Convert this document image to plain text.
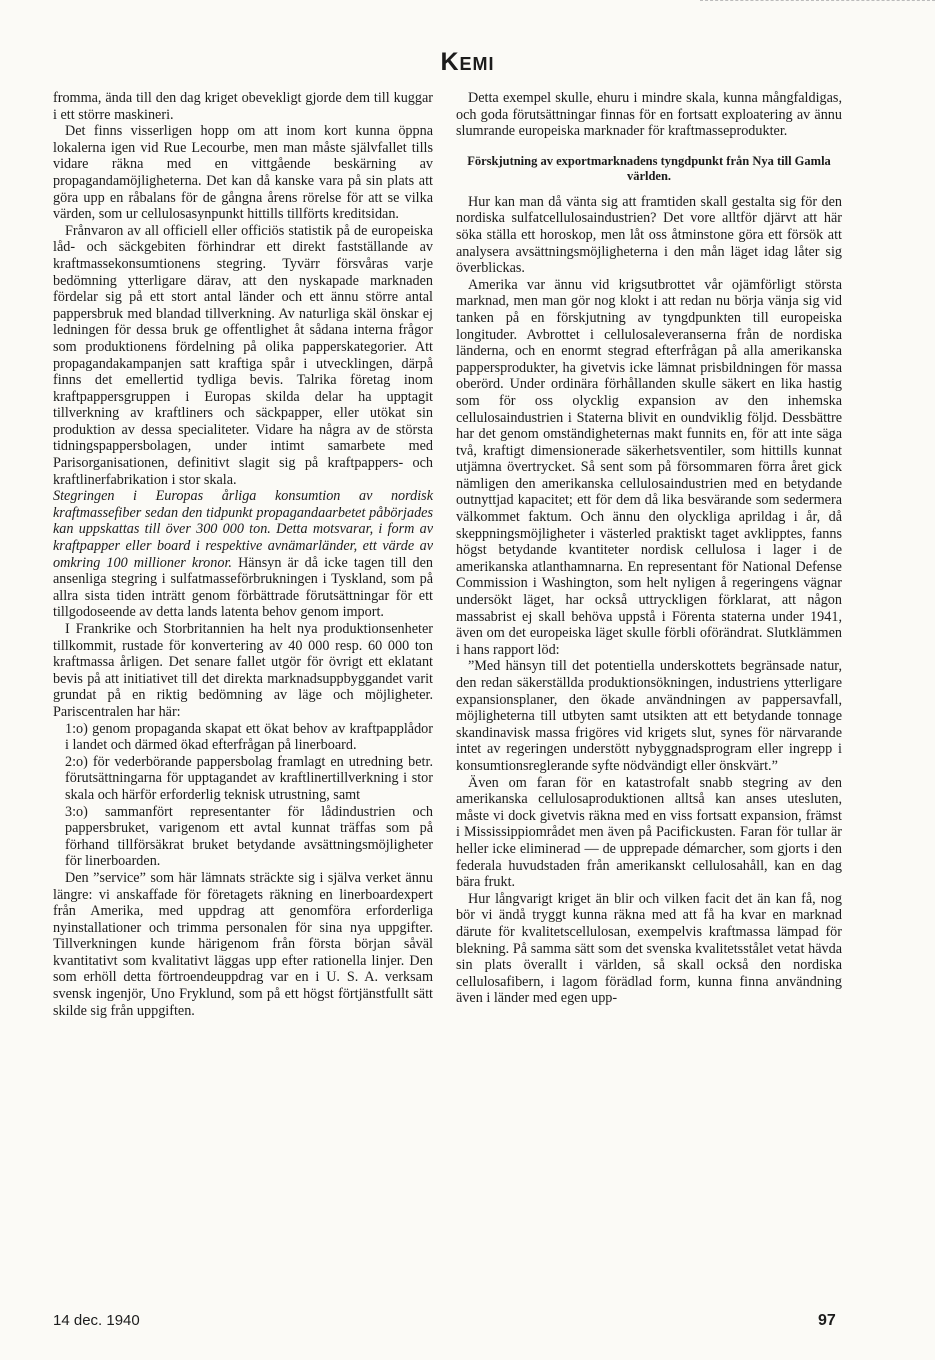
Kemi

fromma, ända till den dag kriget obevekligt gjorde dem till kuggar i ett större maskineri.

Det finns visserligen hopp om att inom kort kunna öppna lokalerna igen vid Rue Lecourbe, men man måste självfallet tills vidare räkna med en vittgående beskärning av propagandamöjligheterna. Det kan då kanske vara på sin plats att göra upp en råbalans för de gångna årens rörelse för att se vilka värden, som ur cellulosasynpunkt hittills tillförts kreditsidan.

Frånvaron av all officiell eller officiös statistik på de europeiska låd- och säckgebiten förhindrar ett direkt fastställande av kraftmassekonsumtionens stegring. Tyvärr försvåras varje bedömning ytterligare därav, att den nyskapade marknaden fördelar sig på ett stort antal länder och ett ännu större antal pappersbruk med blandad tillverkning. Av naturliga skäl önskar ej ledningen för dessa bruk ge offentlighet åt sådana interna frågor som produktionens fördelning på olika papperskategorier. Att propagandakampanjen satt kraftiga spår i utvecklingen, därpå finns det emellertid tydliga bevis. Talrika företag inom kraftpappersgruppen i Europas skilda delar ha upptagit tillverkning av kraftliners och säckpapper, eller utökat sin produktion av dessa specialiteter. Vidare ha några av de största tidningspappersbolagen, under intimt samarbete med Parisorganisationen, definitivt slagit sig på kraftpappers- och kraftlinerfabrikation i stor skala.

Stegringen i Europas årliga konsumtion av nordisk kraftmassefiber sedan den tidpunkt propagandaarbetet påbörjades kan uppskattas till över 300 000 ton. Detta motsvarar, i form av kraftpapper eller board i respektive avnämarländer, ett värde av omkring 100 millioner kronor.

Hänsyn är då icke tagen till den ansenliga stegring i sulfatmasseförbrukningen i Tyskland, som på allra sista tiden inträtt genom förbättrade förutsättningar för ett tillgodoseende av detta lands latenta behov genom import.

I Frankrike och Storbritannien ha helt nya produktionsenheter tillkommit, rustade för konvertering av 40 000 resp. 60 000 ton kraftmassa årligen. Det senare fallet utgör för övrigt ett eklatant bevis på att initiativet till det direkta marknadsuppbyggandet varit grundat på en riktig bedömning av läge och möjligheter. Pariscentralen har här:

1:o) genom propaganda skapat ett ökat behov av kraftpapplådor i landet och därmed ökad efterfrågan på linerboard.

2:o) för vederbörande pappersbolag framlagt en utredning betr. förutsättningarna för upptagandet av kraftlinertillverkning i stor skala och härför erforderlig teknisk utrustning, samt

3:o) sammanfört representanter för lådindustrien och pappersbruket, varigenom ett avtal kunnat träffas som på förhand tillförsäkrat bruket betydande avsättningsmöjligheter för linerboarden.

Den ”service” som här lämnats sträckte sig i själva verket ännu längre: vi anskaffade för företagets räkning en linerboardexpert från Amerika, med uppdrag att genomföra erforderliga nyinstallationer och trimma personalen för sina nya uppgifter. Tillverkningen kunde härigenom från första början såväl kvantitativt som kvalitativt läggas upp efter rationella linjer. Den som erhöll detta förtroendeuppdrag var en i U. S. A. verksam svensk ingenjör, Uno Fryklund, som på ett högst förtjänstfullt sätt skilde sig från uppgiften.

Detta exempel skulle, ehuru i mindre skala, kunna mångfaldigas, och goda förutsättningar finnas för en fortsatt exploatering av ännu slumrande europeiska marknader för kraftmasseprodukter.

Förskjutning av exportmarknadens tyngdpunkt från Nya till Gamla världen.

Hur kan man då vänta sig att framtiden skall gestalta sig för den nordiska sulfatcellulosaindustrien? Det vore alltför djärvt att här söka ställa ett horoskop, men låt oss åtminstone göra ett försök att analysera avsättningsmöjligheterna i den mån läget idag låter sig överblickas.

Amerika var ännu vid krigsutbrottet vår ojämförligt största marknad, men man gör nog klokt i att redan nu börja vänja sig vid tanken på en förskjutning av tyngdpunkten till europeiska longituder. Avbrottet i cellulosaleveranserna från de nordiska länderna, och en enormt stegrad efterfrågan på alla amerikanska pappersprodukter, ha givetvis icke lämnat prisbildningen för massa oberörd. Under ordinära förhållanden skulle säkert en lika hastig som för oss olycklig expansion av den inhemska cellulosaindustrien i Staterna blivit en oundviklig följd. Dessbättre har det genom omständigheternas makt funnits en, för att inte säga två, kraftigt dimensionerade säkerhetsventiler, som hittills kunnat utjämna övertrycket. Så sent som på försommaren förra året gick nämligen den amerikanska cellulosaindustrien med en betydande outnyttjad kapacitet; ett för dem då lika besvärande som sedermera välkommet faktum. Och ännu den olyckliga aprildag i år, då skeppningsmöjligheter i västerled praktiskt taget avklipptes, fanns högst betydande kvantiteter nordisk cellulosa i lager i de amerikanska atlanthamnarna. En representant för National Defense Commission i Washington, som helt nyligen å regeringens vägnar undersökt läget, har också uttryckligen förklarat, att någon massabrist ej skall behöva uppstå i Förenta staterna under 1941, även om det europeiska läget skulle förbli oförändrat. Slutklämmen i hans rapport löd:

”Med hänsyn till det potentiella underskottets begränsade natur, den redan säkerställda produktionsökningen, industriens ytterligare expansionsplaner, den ökade användningen av pappersavfall, möjligheterna till utbyten samt utsikten att ett betydande tonnage skandinavisk massa frigöres vid krigets slut, synes för närvarande intet av regeringen understött nybyggnadsprogram eller ingrepp i konsumtionsreglerande syfte nödvändigt eller önskvärt.”

Även om faran för en katastrofalt snabb stegring av den amerikanska cellulosaproduktionen alltså kan anses utesluten, måste vi dock givetvis räkna med en viss fortsatt expansion, främst i Mississippiområdet men även på Pacifickusten. Faran för tullar är heller icke eliminerad — de upprepade démarcher, som gjorts i den federala huvudstaden från amerikanskt cellulosahåll, kan en dag bära frukt.

Hur långvarigt kriget än blir och vilken facit det än kan få, nog bör vi ändå tryggt kunna räkna med att få ha kvar en marknad därute för kvalitetscellulosan, exempelvis kraftmassa lämpad för blekning. På samma sätt som det svenska kvalitetsstålet vetat hävda sin plats överallt i världen, så skall också den nordiska cellulosafibern, i lagom förädlad form, kunna finna användning även i länder med egen upp-

14 dec. 1940	97
